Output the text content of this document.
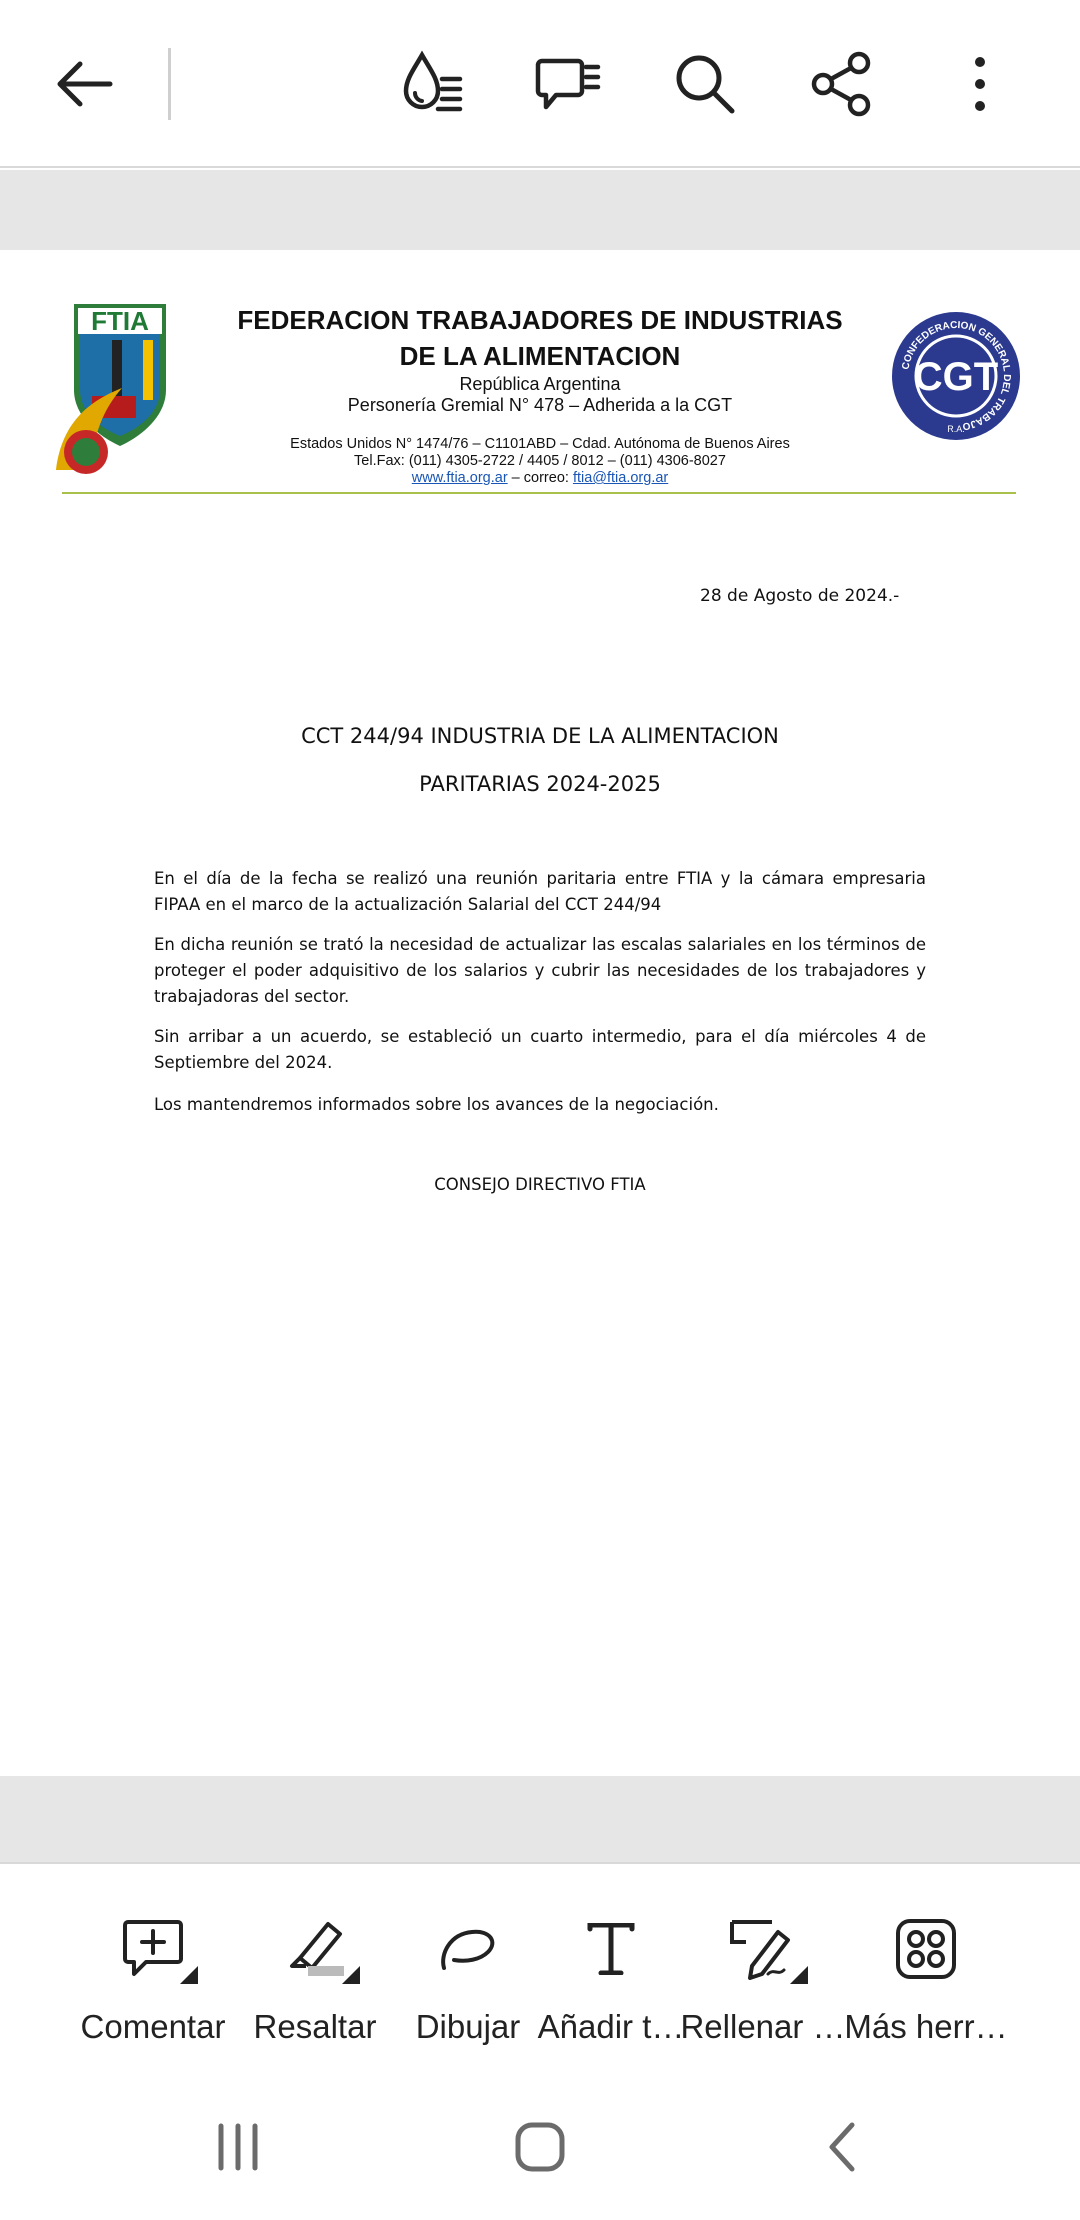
FTIA	FEDERACION TRABAJADORES DE INDUSTRIAS
DE LA ALIMENTACION
República Argentina
Personería Gremial N° 478 – Adherida a la CGT
Estados Unidos N° 1474/76 – C1101ABD – Cdad. Autónoma de Buenos Aires
Tel.Fax: (011) 4305-2722 / 4405 / 8012 – (011) 4306-8027
www.ftia.org.ar – correo: ftia@ftia.org.ar
CONFEDERACION GENERAL DEL TRABAJO
CGT
R.A.
28 de Agosto de 2024.-
CCT 244/94 INDUSTRIA DE LA ALIMENTACION
PARITARIAS 2024-2025
En el día de la fecha se realizó una reunión paritaria entre FTIA y la cámara empresaria FIPAA en el marco de la actualización Salarial del CCT 244/94
En dicha reunión se trató la necesidad de actualizar las escalas salariales en los términos de proteger el poder adquisitivo de los salarios y cubrir las necesidades de los trabajadores y trabajadoras del sector.
Sin arribar a un acuerdo, se estableció un cuarto intermedio, para el día miércoles 4 de Septiembre del 2024.
Los mantendremos informados sobre los avances de la negociación.
CONSEJO DIRECTIVO FTIA
Comentar Resaltar Dibujar Añadir t…
Rellenar …
Más herr…
